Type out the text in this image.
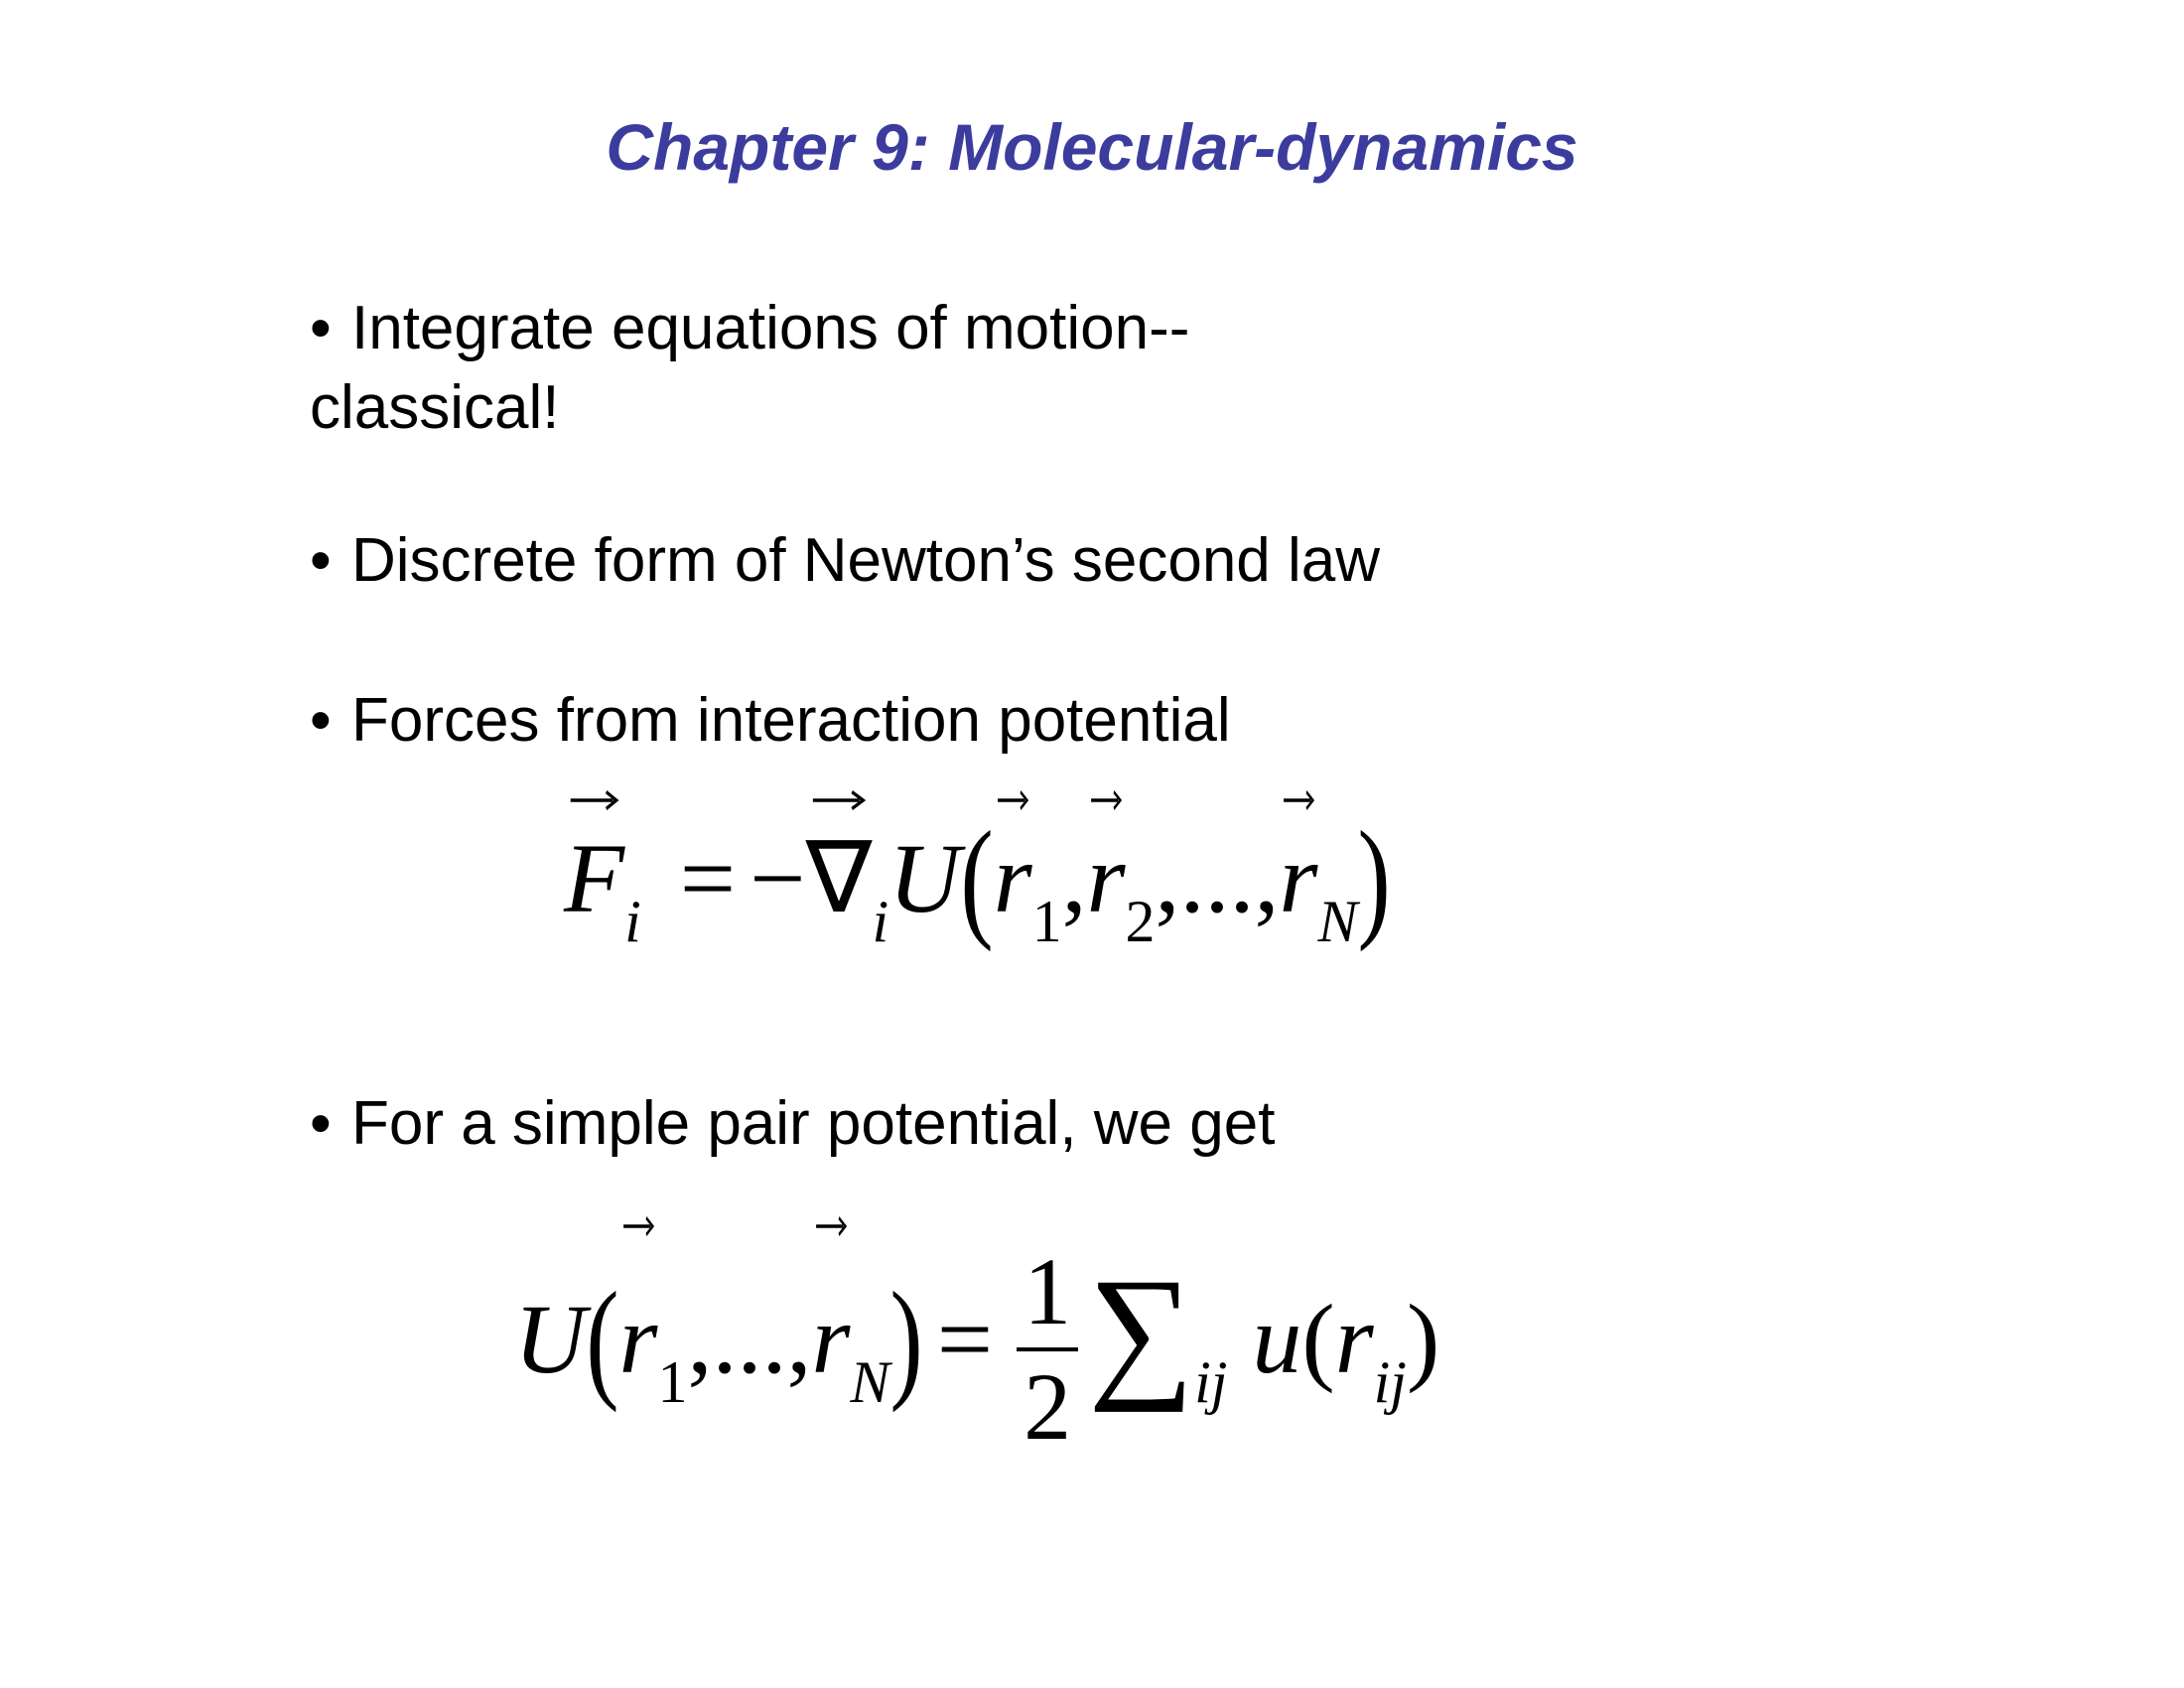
Chapter 9: Molecular-dynamics
• Integrate equations of motion--
classical!
• Discrete form of Newton’s second law
• Forces from interaction potential
F
$_i$ = −∇
$_i$U(r
$_1$,r
$_2$,...,r
$_N$)
• For a simple pair potential, we get
U(r
$_1$,...,r
$_N) = \frac{1}{2} \sum_{ij}$ $u(r_{ij})$
